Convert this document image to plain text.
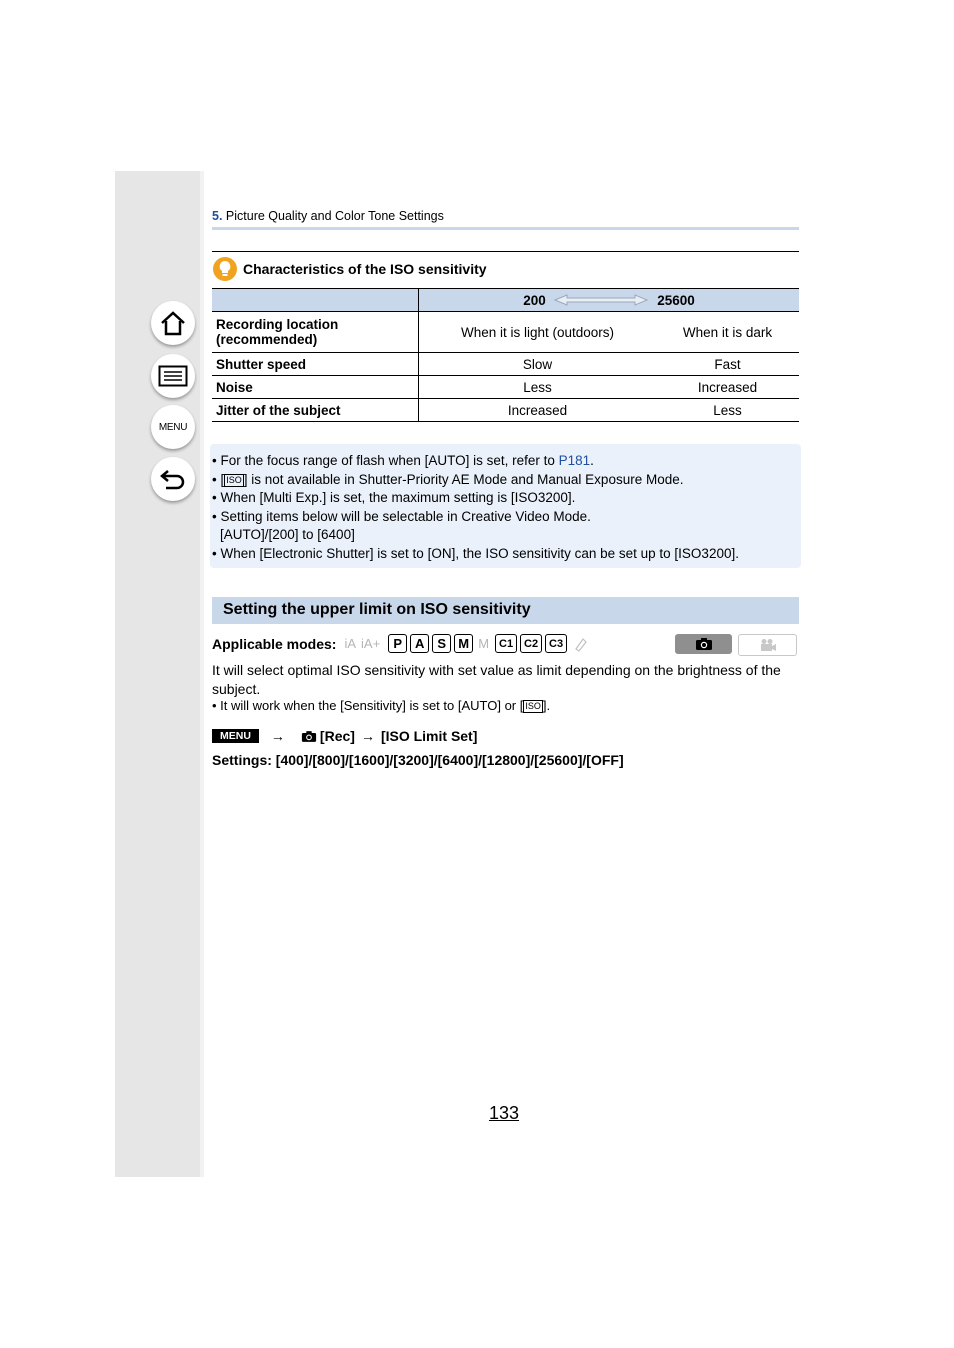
MENU
5. Picture Quality and Color Tone Settings
Characteristics of the ISO sensitivity
	200 25600	
Recording location (recommended)	When it is light (outdoors)	When it is dark
Shutter speed	Slow	Fast
Noise	Less	Increased
Jitter of the subject	Increased	Less
• For the focus range of flash when [AUTO] is set, refer to P181.
• [ ISO ] is not available in Shutter-Priority AE Mode and Manual Exposure Mode.
• When [Multi Exp.] is set, the maximum setting is [ISO3200].
• Setting items below will be selectable in Creative Video Mode.
[AUTO]/[200] to [6400]
• When [Electronic Shutter] is set to [ON], the ISO sensitivity can be set up to [ISO3200].
Setting the upper limit on ISO sensitivity
Applicable modes: iA iA+	P A S M M C1 C2 C3
It will select optimal ISO sensitivity with set value as limit depending on the brightness of the subject.
• It will work when the [Sensitivity] is set to [AUTO] or [ ISO ].
MENU	→	[Rec] → [ISO Limit Set]
Settings: [400]/[800]/[1600]/[3200]/[6400]/[12800]/[25600]/[OFF]
133
